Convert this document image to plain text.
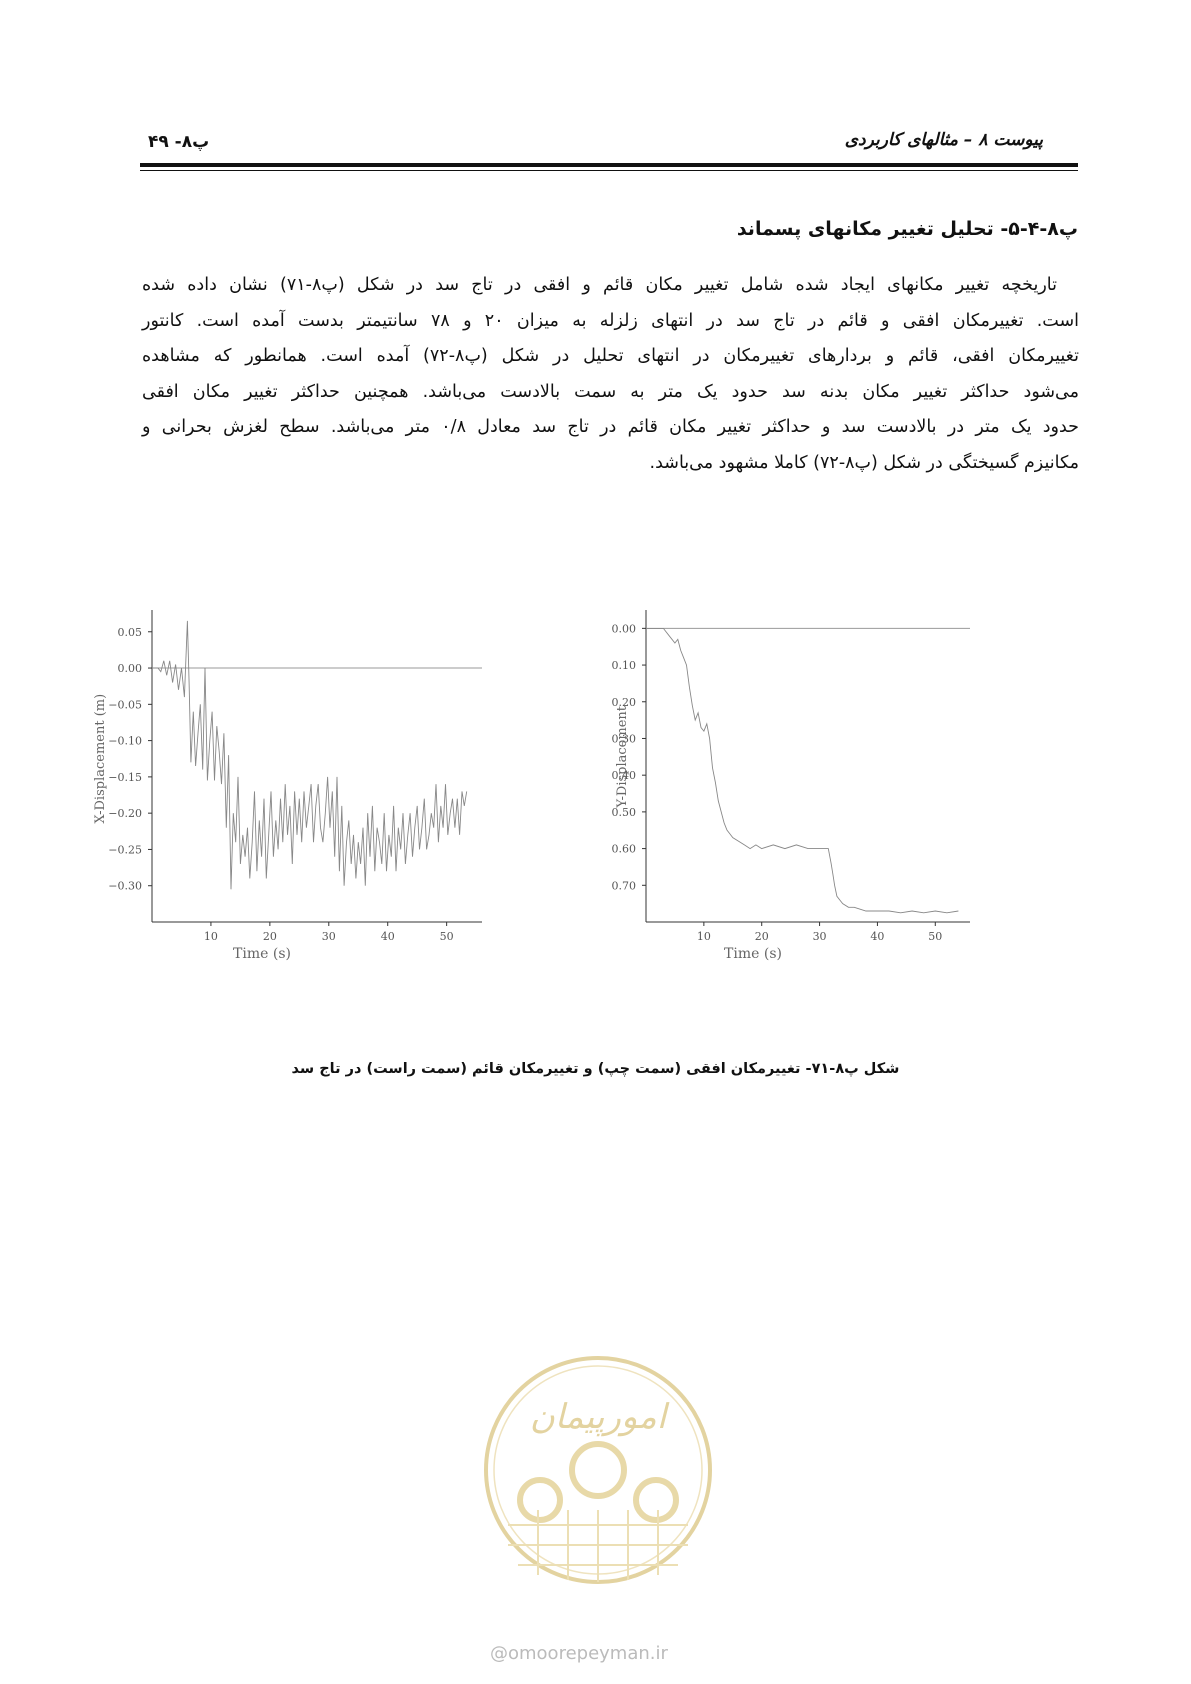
پ۸- ۴۹	پیوست ۸ – مثالهای کاربردی
پ۸-۴-۵- تحلیل تغییر مکانهای پسماند
تاریخچه تغییر مکانهای ایجاد شده شامل تغییر مکان قائم و افقی در تاج سد در شکل (پ۸-۷۱) نشان داده شده
است. تغییرمکان افقی و قائم در تاج سد در انتهای زلزله به میزان ۲۰ و ۷۸ سانتیمتر بدست آمده است. کانتور
تغییرمکان افقی، قائم و بردارهای تغییرمکان در انتهای تحلیل در شکل (پ۸-۷۲) آمده است. همانطور که مشاهده
می‌شود حداکثر تغییر مکان بدنه سد حدود یک متر به سمت بالادست می‌باشد. همچنین حداکثر تغییر مکان افقی
حدود یک متر در بالادست سد و حداکثر تغییر مکان قائم در تاج سد معادل ۰/۸ متر می‌باشد. سطح لغزش بحرانی و
مکانیزم گسیختگی در شکل (پ۸-۷۲) کاملا مشهود می‌باشد.
0.05
0.00
−0.05
−0.10
−0.15
−0.20
−0.25
−0.30
10	20	30	40	50
Time (s)
X-Displacement (m)
0.00
0.10
0.20
0.30
0.40
0.50
0.60
0.70
10	20	30	40	50
Time (s)
Y-Displacement
شکل پ۸-۷۱- تغییرمکان افقی (سمت چپ) و تغییرمکان قائم (سمت راست) در تاج سد
امورپیمان
@omoorepeyman.ir
